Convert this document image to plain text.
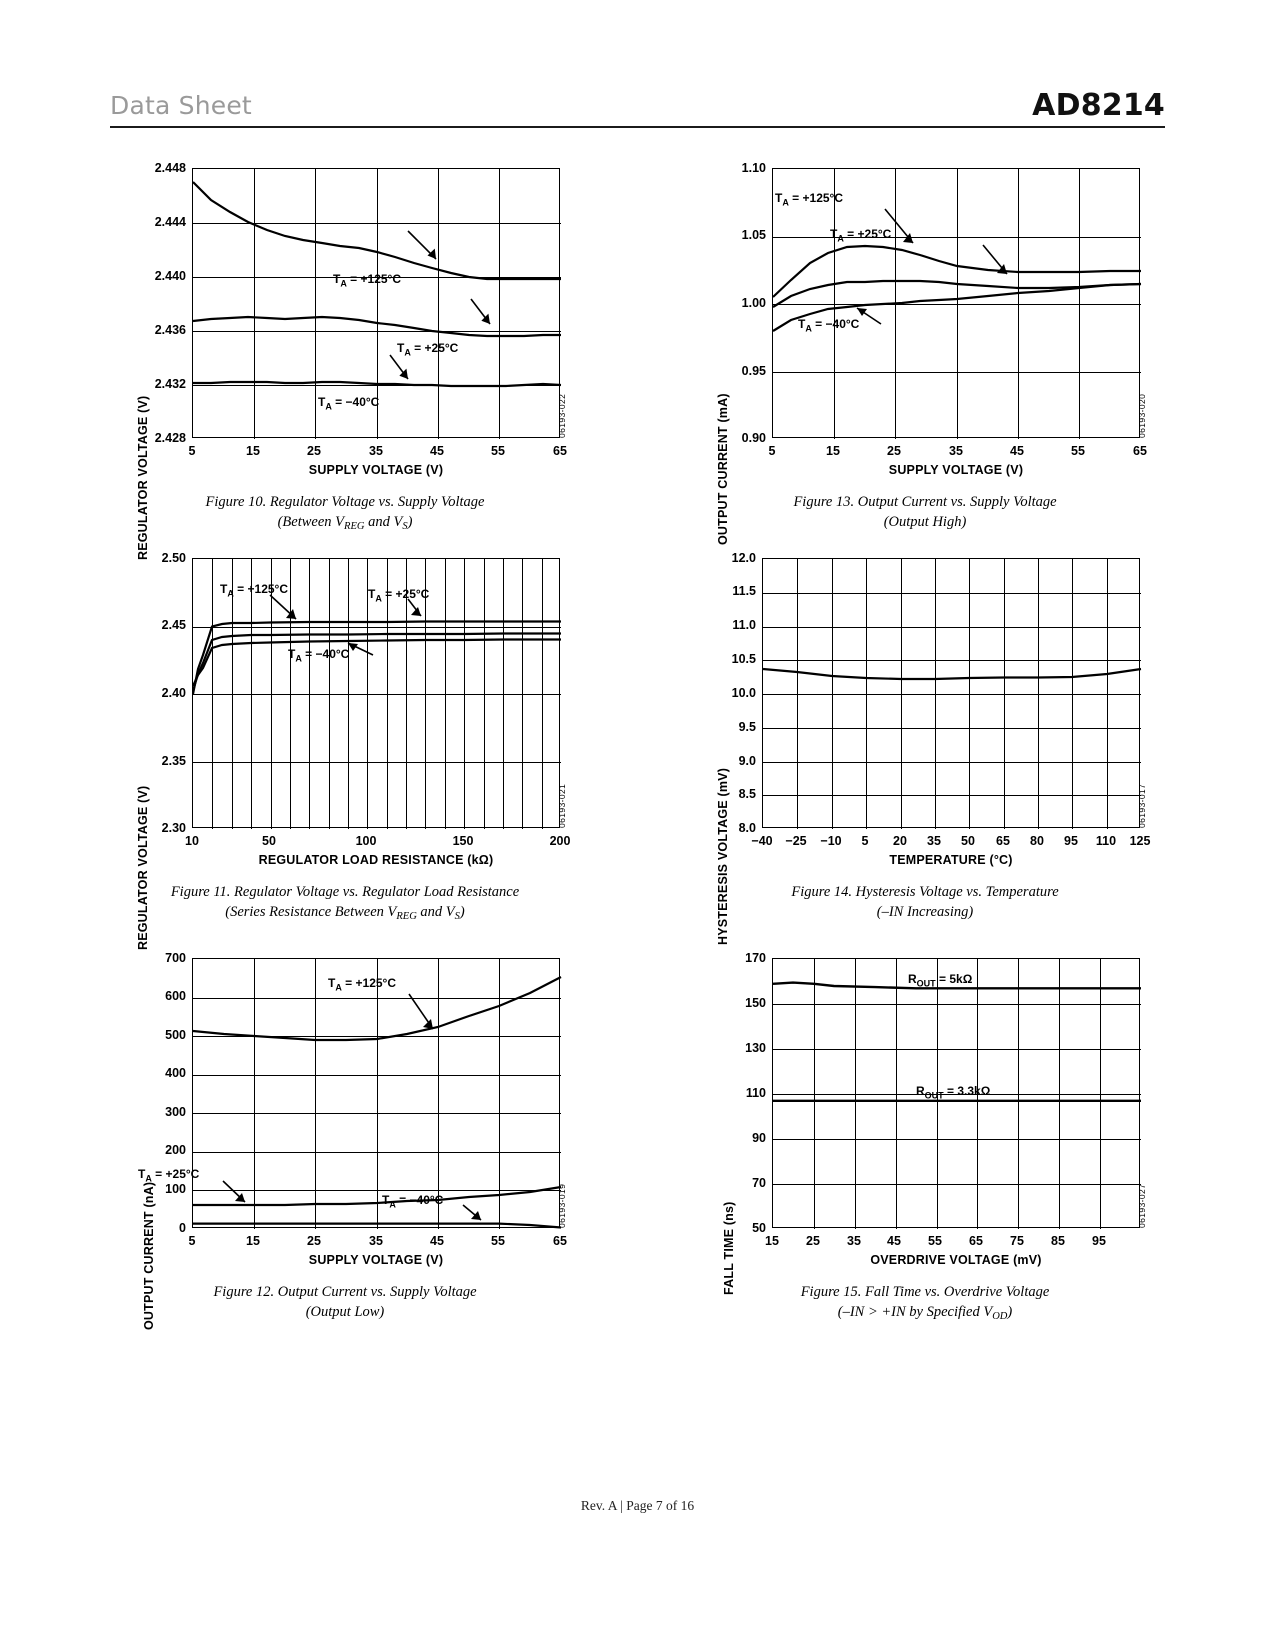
Data Sheet	AD8214
REGULATOR VOLTAGE (V)
2.448
2.444
2.440
2.436
2.432
2.428
$T_A = +125^\circ C$
$T_A = +25^\circ C$
$T_A = -40^\circ C$
5	15	25	35	45	55	65
SUPPLY VOLTAGE (V)
06193-022
Figure 10. Regulator Voltage vs. Supply Voltage
(Between $V_{REG}$ and $V_S$)	OUTPUT CURRENT (mA)
1.10
1.05
1.00
0.95
0.90
$T_A = +125^\circ C$
$T_A = +25^\circ C$
$T_A = -40^\circ C$
5	15	25	35	45	55	65
SUPPLY VOLTAGE (V)
06193-020
Figure 13. Output Current vs. Supply Voltage
(Output High)
REGULATOR VOLTAGE (V)
2.50
2.45
2.40
2.35
2.30
$T_A = +125^\circ C$	$T_A = +25^\circ C$
$T_A = -40^\circ C$
10	50	100	150	200
REGULATOR LOAD RESISTANCE (kΩ)
06193-021
Figure 11. Regulator Voltage vs. Regulator Load Resistance
(Series Resistance Between $V_{REG}$ and $V_S$)	HYSTERESIS VOLTAGE (mV)
12.0
11.5
11.0
10.5
10.0
9.5
9.0
8.5
8.0
−40	−25	−10	5	20	35	50	65	80	95	110	125
TEMPERATURE (°C)
06193-017
Figure 14. Hysteresis Voltage vs. Temperature
(–IN Increasing)
OUTPUT CURRENT (nA)
700
600
500
400
300
200
100
0
$T_A = +125^\circ C$
$T_A = +25^\circ C$
$T_A = -40^\circ C$
5	15	25	35	45	55	65
SUPPLY VOLTAGE (V)
06193-019
Figure 12. Output Current vs. Supply Voltage
(Output Low)
FALL TIME (ns)
170
150
130
110
90
70
50
$R_{OUT} = 5k\Omega$
$R_{OUT} = 3.3k\Omega$
15	25	35	45	55	65	75	85	95
OVERDRIVE VOLTAGE (mV)
06193-027
Figure 15. Fall Time vs. Overdrive Voltage
(–IN > +IN by Specified $V_{OD}$)
Rev. A | Page 7 of 16
